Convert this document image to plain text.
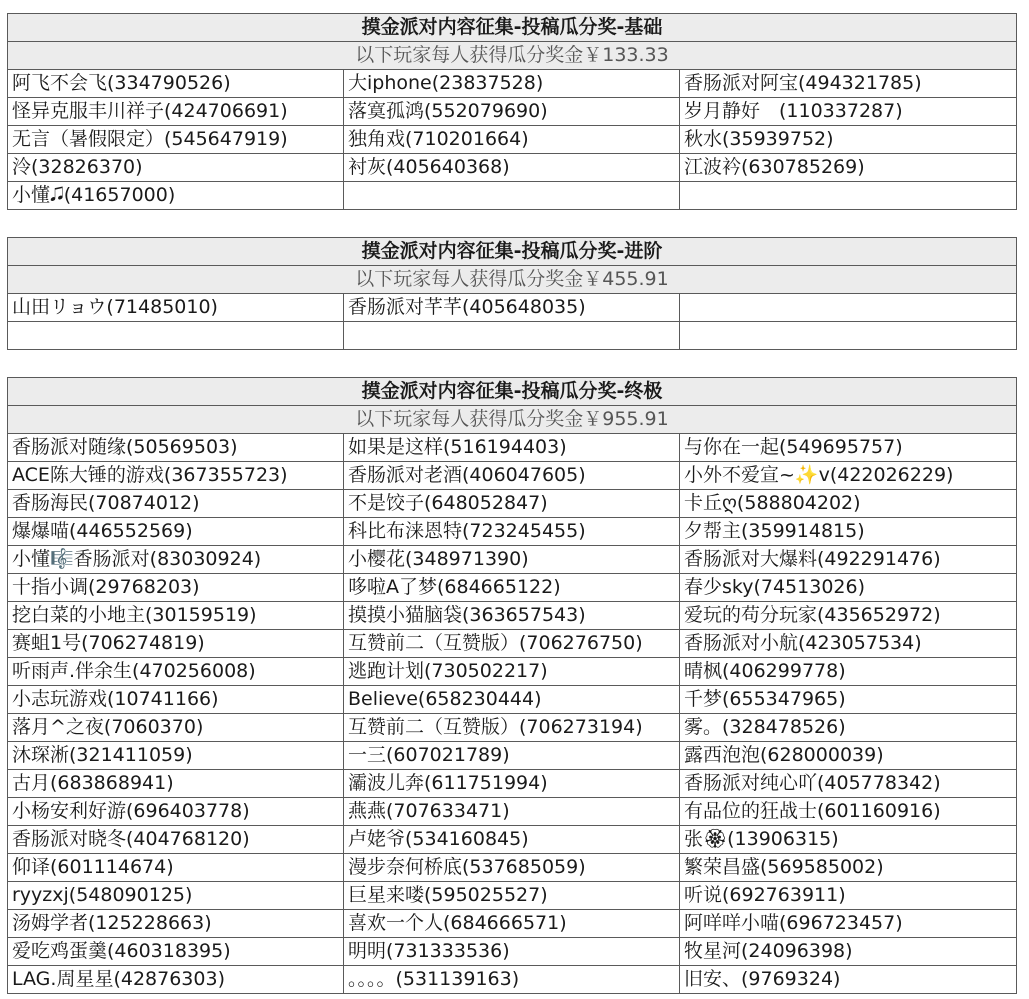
摸金派对内容征集-投稿瓜分奖-基础		
以下玩家每人获得瓜分奖金￥133.33		
阿飞不会飞(334790526)	大iphone(23837528)	香肠派对阿宝(494321785)
怪异克服丰川祥子(424706691)	落寞孤鸿(552079690)	岁月静好　(110337287)
无言（暑假限定）(545647919)	独角戏(710201664)	秋水(35939752)
泠(32826370)	衬灰(405640368)	江波衿(630785269)
小懂🎜(41657000)		
摸金派对内容征集-投稿瓜分奖-进阶		
以下玩家每人获得瓜分奖金￥455.91		
山田リョウ(71485010)	香肠派对芊芊(405648035)	

摸金派对内容征集-投稿瓜分奖-终极		
以下玩家每人获得瓜分奖金￥955.91		
香肠派对随缘(50569503)	如果是这样(516194403)	与你在一起(549695757)
ACE陈大锤的游戏(367355723)	香肠派对老酒(406047605)	小外不爱宣~✨v(422026229)
香肠海民(70874012)	不是饺子(648052847)	卡丘ღ(588804202)
爆爆喵(446552569)	科比布涞恩特(723245455)	夕帮主(359914815)
小懂🎼香肠派对(83030924)	小樱花(348971390)	香肠派对大爆料(492291476)
十指小调(29768203)	哆啦A了梦(684665122)	春少sky(74513026)
挖白菜的小地主(30159519)	摸摸小猫脑袋(363657543)	爱玩的苟分玩家(435652972)
赛蛆1号(706274819)	互赞前二（互赞版）(706276750)	香肠派对小航(423057534)
听雨声.伴余生(470256008)	逃跑计划(730502217)	晴枫(406299778)
小志玩游戏(10741166)	Believe(658230444)	千梦(655347965)
落月^之夜(7060370)	互赞前二（互赞版）(706273194)	雾。(328478526)
沐琛淅(321411059)	一三(607021789)	露西泡泡(628000039)
古月(683868941)	灞波儿奔(611751994)	香肠派对纯心吖(405778342)
小杨安利好游(696403778)	燕燕(707633471)	有品位的狂战士(601160916)
香肠派对晓冬(404768120)	卢姥爷(534160845)	张🏵(13906315)
仰译(601114674)	漫步奈何桥底(537685059)	繁荣昌盛(569585002)
ryyzxj(548090125)	巨星来喽(595025527)	听说(692763911)
汤姆学者(125228663)	喜欢一个人(684666571)	阿咩咩小喵(696723457)
爱吃鸡蛋羹(460318395)	明明(731333536)	牧星河(24096398)
LAG.周星星(42876303)	。。。。(531139163)	旧安、(9769324)
